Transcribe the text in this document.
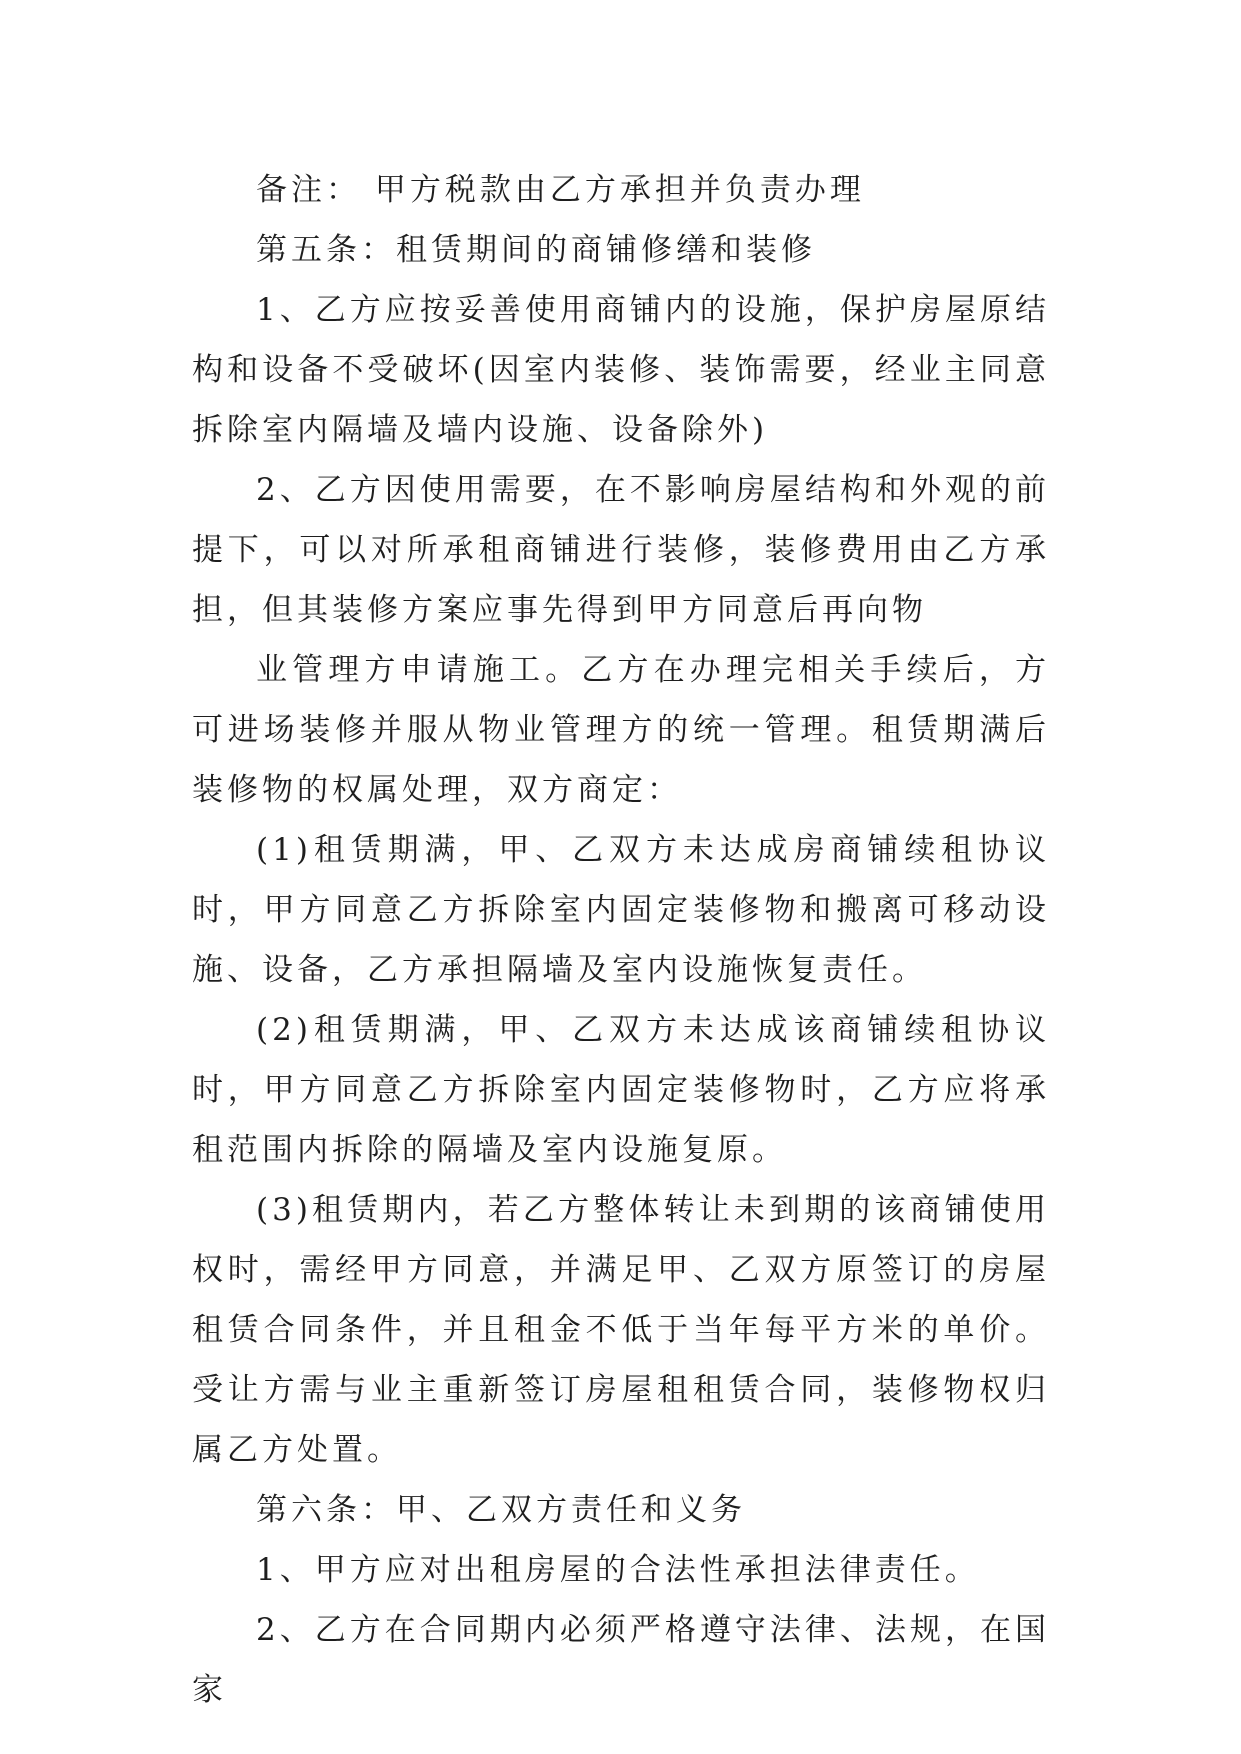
备注： 甲方税款由乙方承担并负责办理

第五条：租赁期间的商铺修缮和装修

1、乙方应按妥善使用商铺内的设施，保护房屋原结构和设备不受破坏(因室内装修、装饰需要，经业主同意拆除室内隔墙及墙内设施、设备除外)

2、乙方因使用需要，在不影响房屋结构和外观的前提下，可以对所承租商铺进行装修，装修费用由乙方承担，但其装修方案应事先得到甲方同意后再向物

业管理方申请施工。乙方在办理完相关手续后，方可进场装修并服从物业管理方的统一管理。租赁期满后装修物的权属处理，双方商定：

(1)租赁期满，甲、乙双方未达成房商铺续租协议时，甲方同意乙方拆除室内固定装修物和搬离可移动设施、设备，乙方承担隔墙及室内设施恢复责任。

(2)租赁期满，甲、乙双方未达成该商铺续租协议时，甲方同意乙方拆除室内固定装修物时，乙方应将承租范围内拆除的隔墙及室内设施复原。

(3)租赁期内，若乙方整体转让未到期的该商铺使用权时，需经甲方同意，并满足甲、乙双方原签订的房屋租赁合同条件，并且租金不低于当年每平方米的单价。受让方需与业主重新签订房屋租租赁合同，装修物权归属乙方处置。

第六条：甲、乙双方责任和义务

1、甲方应对出租房屋的合法性承担法律责任。

2、乙方在合同期内必须严格遵守法律、法规，在国家
